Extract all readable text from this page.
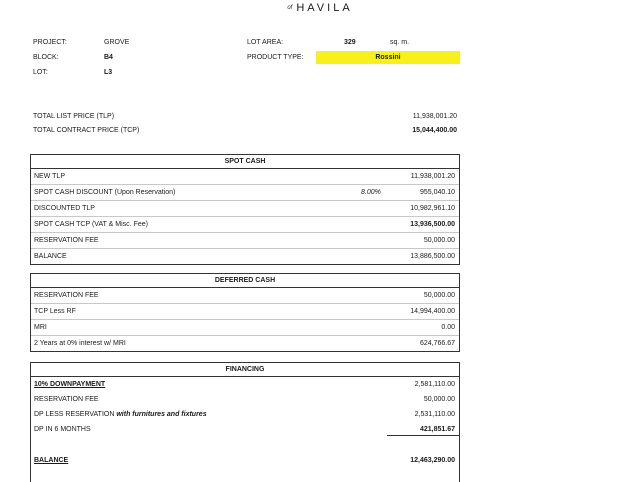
of HAVILA
PROJECT:	GROVE
BLOCK:	B4
LOT:	L3
LOT AREA:	329	sq. m.
PRODUCT TYPE:	Rossini
TOTAL LIST PRICE (TLP)	11,938,001.20
TOTAL CONTRACT PRICE (TCP)	15,044,400.00
SPOT CASH
NEW TLP	11,938,001.20
SPOT CASH DISCOUNT (Upon Reservation)	8.00%	955,040.10
DISCOUNTED TLP	10,982,961.10
SPOT CASH TCP (VAT & Misc. Fee)	13,936,500.00
RESERVATION FEE	50,000.00
BALANCE	13,886,500.00
DEFERRED CASH
RESERVATION FEE	50,000.00
TCP Less RF	14,994,400.00
MRI	0.00
2 Years at 0% interest w/ MRI	624,766.67
FINANCING
10% DOWNPAYMENT	2,581,110.00
RESERVATION FEE	50,000.00
DP LESS RESERVATION with furnitures and fixtures	2,531,110.00
DP IN 6 MONTHS	421,851.67
BALANCE	12,463,290.00
